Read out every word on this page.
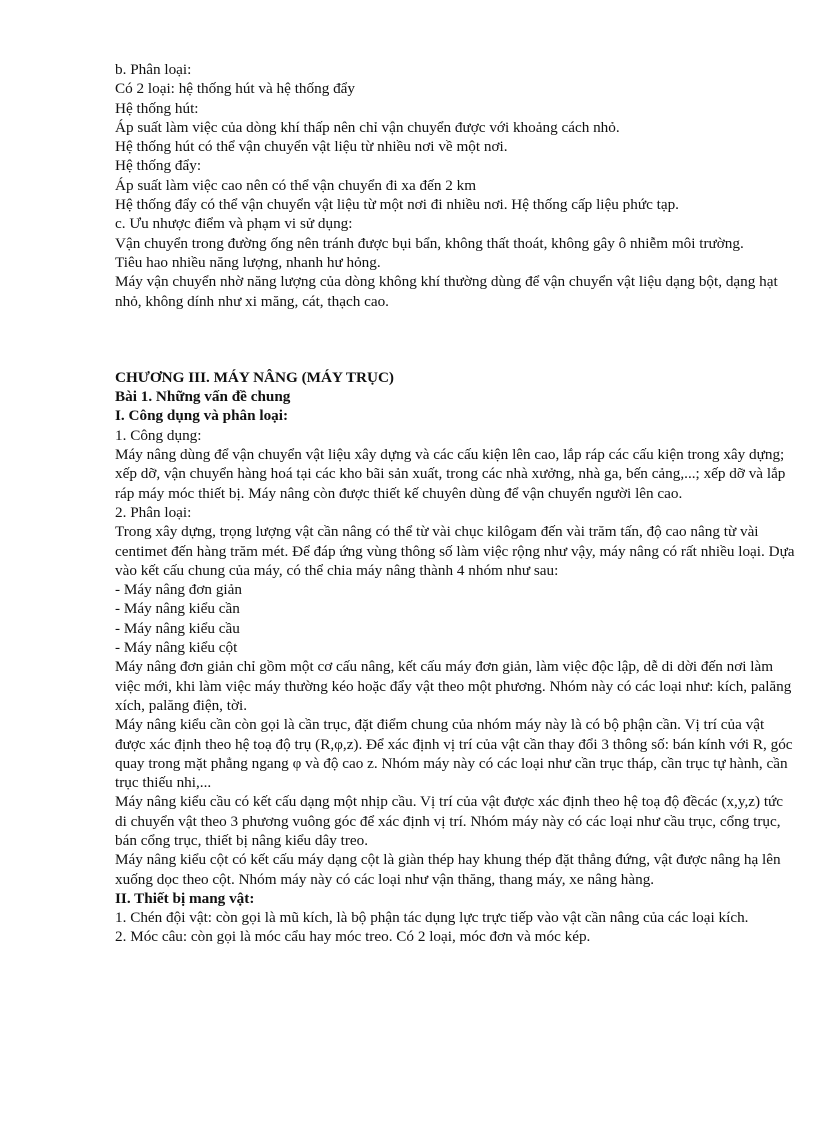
b. Phân loại:

Có 2 loại: hệ thống hút và hệ thống đẩy

Hệ thống hút:

Áp suất làm việc của dòng khí thấp nên chỉ vận chuyển được với khoảng cách nhỏ.

Hệ thống hút có thể vận chuyển vật liệu từ nhiều nơi về một nơi.

Hệ thống đẩy:

Áp suất làm việc cao nên có thể vận chuyển đi xa đến 2 km

Hệ thống đẩy có thể vận chuyển vật liệu từ một nơi đi nhiều nơi. Hệ thống cấp liệu phức tạp.

c. Ưu nhược điểm và phạm vi sử dụng:

Vận chuyển trong đường ống nên tránh được bụi bẩn, không thất thoát, không gây ô nhiễm môi trường.

Tiêu hao nhiều năng lượng, nhanh hư hỏng.

Máy vận chuyển nhờ năng lượng của dòng không khí thường dùng để vận chuyển vật liệu dạng bột, dạng hạt nhỏ, không dính như xi măng, cát, thạch cao.

CHƯƠNG III. MÁY NÂNG (MÁY TRỤC)

Bài 1. Những vấn đề chung

I. Công dụng và phân loại:

1. Công dụng:

Máy nâng dùng để vận chuyển vật liệu xây dựng và các cấu kiện lên cao, lắp ráp các cấu kiện trong xây dựng; xếp dỡ, vận chuyển hàng hoá tại các kho bãi sản xuất, trong các nhà xưởng, nhà ga, bến cảng,...; xếp dỡ và lắp ráp máy móc thiết bị. Máy nâng còn được thiết kế chuyên dùng để vận chuyển người lên cao.

2. Phân loại:

Trong xây dựng, trọng lượng vật cần nâng có thể từ vài chục kilôgam đến vài trăm tấn, độ cao nâng từ vài centimet đến hàng trăm mét. Để đáp ứng vùng thông số làm việc rộng như vậy, máy nâng có rất nhiều loại. Dựa vào kết cấu chung của máy, có thể chia máy nâng thành 4 nhóm như sau:

- Máy nâng đơn giản

- Máy nâng kiểu cần

- Máy nâng kiểu cầu

- Máy nâng kiểu cột

Máy nâng đơn giản chỉ gồm một cơ cấu nâng, kết cấu máy đơn giản, làm việc độc lập, dễ di dời đến nơi làm việc mới, khi làm việc máy thường kéo hoặc đẩy vật theo một phương. Nhóm này có các loại như: kích, palăng xích, palăng điện, tời.

Máy nâng kiểu cần còn gọi là cần trục, đặt điểm chung của nhóm máy này là có bộ phận cần. Vị trí của vật được xác định theo hệ toạ độ trụ (R,φ,z). Để xác định vị trí của vật cần thay đổi 3 thông số: bán kính với R, góc quay trong mặt phẳng ngang φ và độ cao z. Nhóm máy này có các loại như cần trục tháp, cần trục tự hành, cần trục thiếu nhi,...

Máy nâng kiểu cầu có kết cấu dạng một nhịp cầu. Vị trí của vật được xác định theo hệ toạ độ đềcác (x,y,z) tức di chuyển vật theo 3 phương vuông góc để xác định vị trí. Nhóm máy này có các loại như cầu trục, cổng trục, bán cổng trục, thiết bị nâng kiểu dây treo.

Máy nâng kiểu cột có kết cấu máy dạng cột là giàn thép hay khung thép đặt thẳng đứng, vật được nâng hạ lên xuống dọc theo cột. Nhóm máy này có các loại như vận thăng, thang máy, xe nâng hàng.

II. Thiết bị mang vật:

1. Chén đội vật: còn gọi là mũ kích, là bộ phận tác dụng lực trực tiếp vào vật cần nâng của các loại kích.

2. Móc câu: còn gọi là móc cẩu hay móc treo. Có 2 loại, móc đơn và móc kép.
